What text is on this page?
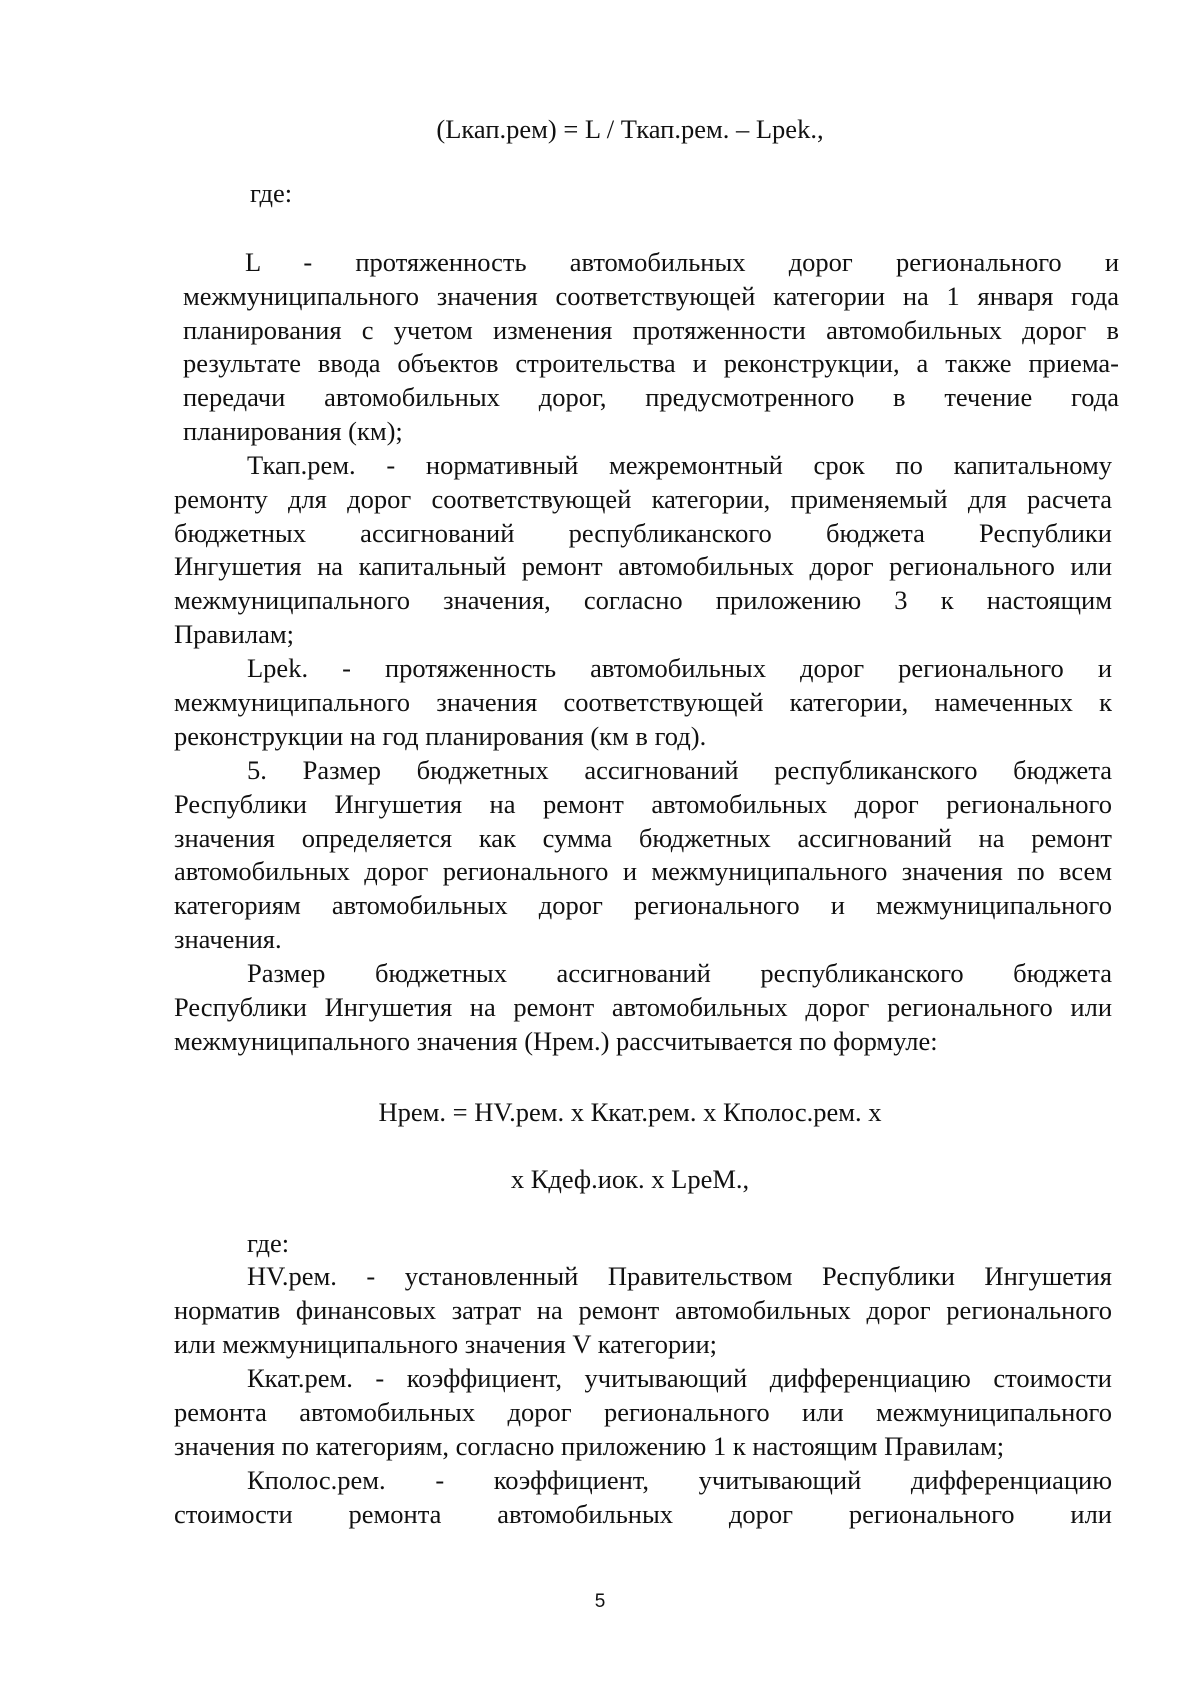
(Lкап.рем) = L / Ткап.рем. – Lpek.,
где:
L - протяженность автомобильных дорог регионального и
межмуниципального значения соответствующей категории на 1 января года
планирования с учетом изменения протяженности автомобильных дорог в
результате ввода объектов строительства и реконструкции, а также приема-
передачи автомобильных дорог, предусмотренного в течение года
планирования (км);
Ткап.рем. - нормативный межремонтный срок по капитальному
ремонту для дорог соответствующей категории, применяемый для расчета
бюджетных ассигнований республиканского бюджета Республики
Ингушетия на капитальный ремонт автомобильных дорог регионального или
межмуниципального значения, согласно приложению 3 к настоящим
Правилам;
Lpek. - протяженность автомобильных дорог регионального и
межмуниципального значения соответствующей категории, намеченных к
реконструкции на год планирования (км в год).
5. Размер бюджетных ассигнований республиканского бюджета
Республики Ингушетия на ремонт автомобильных дорог регионального
значения определяется как сумма бюджетных ассигнований на ремонт
автомобильных дорог регионального и межмуниципального значения по всем
категориям автомобильных дорог регионального и межмуниципального
значения.
Размер бюджетных ассигнований республиканского бюджета
Республики Ингушетия на ремонт автомобильных дорог регионального или
межмуниципального значения (Нрем.) рассчитывается по формуле:
Нрем. = НV.рем. х Ккат.рем. х Кполос.рем. х
х Кдеф.иок. х LpeM.,
где:
НV.рем. - установленный Правительством Республики Ингушетия
норматив финансовых затрат на ремонт автомобильных дорог регионального
или межмуниципального значения V категории;
Ккат.рем. - коэффициент, учитывающий дифференциацию стоимости
ремонта автомобильных дорог регионального или межмуниципального
значения по категориям, согласно приложению 1 к настоящим Правилам;
Кполос.рем. - коэффициент, учитывающий дифференциацию
стоимости ремонта автомобильных дорог регионального или
5
